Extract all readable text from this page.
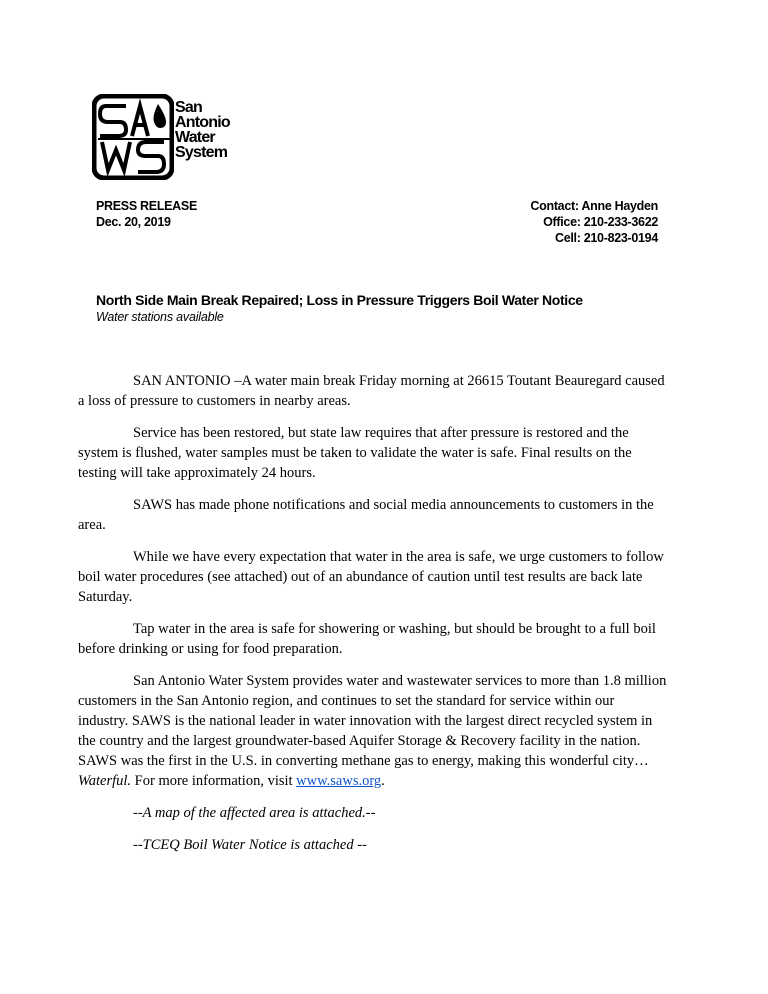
San
Antonio
Water
System
PRESS RELEASE
Dec. 20, 2019
Contact: Anne Hayden
Office: 210-233-3622
Cell: 210-823-0194
North Side Main Break Repaired; Loss in Pressure Triggers Boil Water Notice
Water stations available

SAN ANTONIO –A water main break Friday morning at 26615 Toutant Beauregard caused a loss of pressure to customers in nearby areas.

Service has been restored, but state law requires that after pressure is restored and the system is flushed, water samples must be taken to validate the water is safe. Final results on the testing will take approximately 24 hours.

SAWS has made phone notifications and social media announcements to customers in the area.

While we have every expectation that water in the area is safe, we urge customers to follow boil water procedures (see attached) out of an abundance of caution until test results are back late Saturday.

Tap water in the area is safe for showering or washing, but should be brought to a full boil before drinking or using for food preparation.

San Antonio Water System provides water and wastewater services to more than 1.8 million customers in the San Antonio region, and continues to set the standard for service within our industry. SAWS is the national leader in water innovation with the largest direct recycled system in the country and the largest groundwater-based Aquifer Storage & Recovery facility in the nation. SAWS was the first in the U.S. in converting methane gas to energy, making this wonderful city…Waterful. For more information, visit www.saws.org.

--A map of the affected area is attached.--

--TCEQ Boil Water Notice is attached --
